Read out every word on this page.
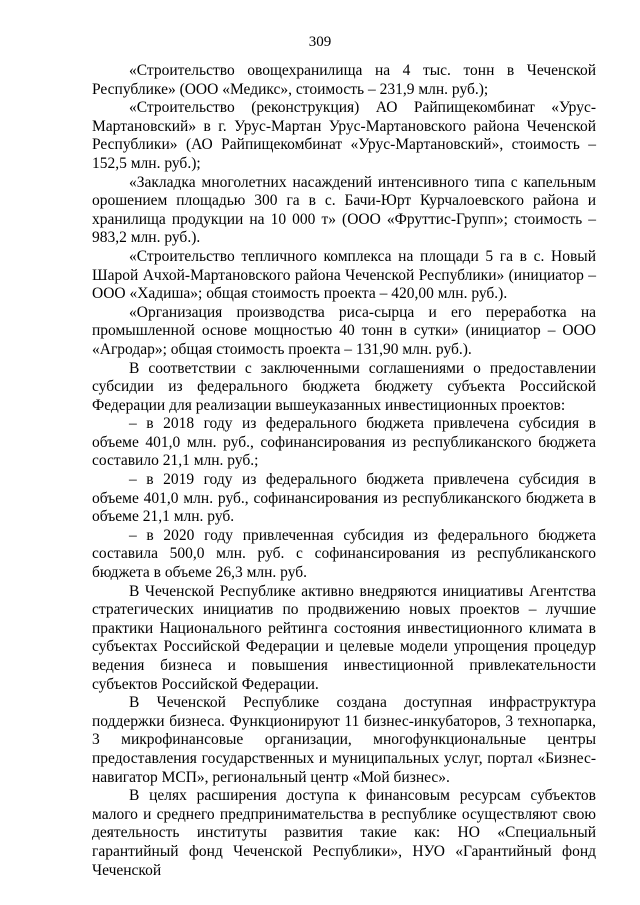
309

«Строительство овощехранилища на 4 тыс. тонн в Чеченской Республике» (ООО «Медикс», стоимость – 231,9 млн. руб.);

«Строительство (реконструкция) АО Райпищекомбинат «Урус-Мартановский» в г. Урус-Мартан Урус-Мартановского района Чеченской Республики» (АО Райпищекомбинат «Урус-Мартановский», стоимость – 152,5 млн. руб.);

«Закладка многолетних насаждений интенсивного типа с капельным орошением площадью 300 га в с. Бачи-Юрт Курчалоевского района и хранилища продукции на 10 000 т» (ООО «Фруттис-Групп»; стоимость – 983,2 млн. руб.).

«Строительство тепличного комплекса на площади 5 га в с. Новый Шарой Ачхой-Мартановского района Чеченской Республики» (инициатор – ООО «Хадиша»; общая стоимость проекта – 420,00 млн. руб.).

«Организация производства риса-сырца и его переработка на промышленной основе мощностью 40 тонн в сутки» (инициатор – ООО «Агродар»; общая стоимость проекта – 131,90 млн. руб.).

В соответствии с заключенными соглашениями о предоставлении субсидии из федерального бюджета бюджету субъекта Российской Федерации для реализации вышеуказанных инвестиционных проектов:

– в 2018 году из федерального бюджета привлечена субсидия в объеме 401,0 млн. руб., софинансирования из республиканского бюджета составило 21,1 млн. руб.;

– в 2019 году из федерального бюджета привлечена субсидия в объеме 401,0 млн. руб., софинансирования из республиканского бюджета в объеме 21,1 млн. руб.

– в 2020 году привлеченная субсидия из федерального бюджета составила 500,0 млн. руб. с софинансирования из республиканского бюджета в объеме 26,3 млн. руб.

В Чеченской Республике активно внедряются инициативы Агентства стратегических инициатив по продвижению новых проектов – лучшие практики Национального рейтинга состояния инвестиционного климата в субъектах Российской Федерации и целевые модели упрощения процедур ведения бизнеса и повышения инвестиционной привлекательности субъектов Российской Федерации.

В Чеченской Республике создана доступная инфраструктура поддержки бизнеса. Функционируют 11 бизнес-инкубаторов, 3 технопарка, 3 микрофинансовые организации, многофункциональные центры предоставления государственных и муниципальных услуг, портал «Бизнес-навигатор МСП», региональный центр «Мой бизнес».

В целях расширения доступа к финансовым ресурсам субъектов малого и среднего предпринимательства в республике осуществляют свою деятельность институты развития такие как: НО «Специальный гарантийный фонд Чеченской Республики», НУО «Гарантийный фонд Чеченской
